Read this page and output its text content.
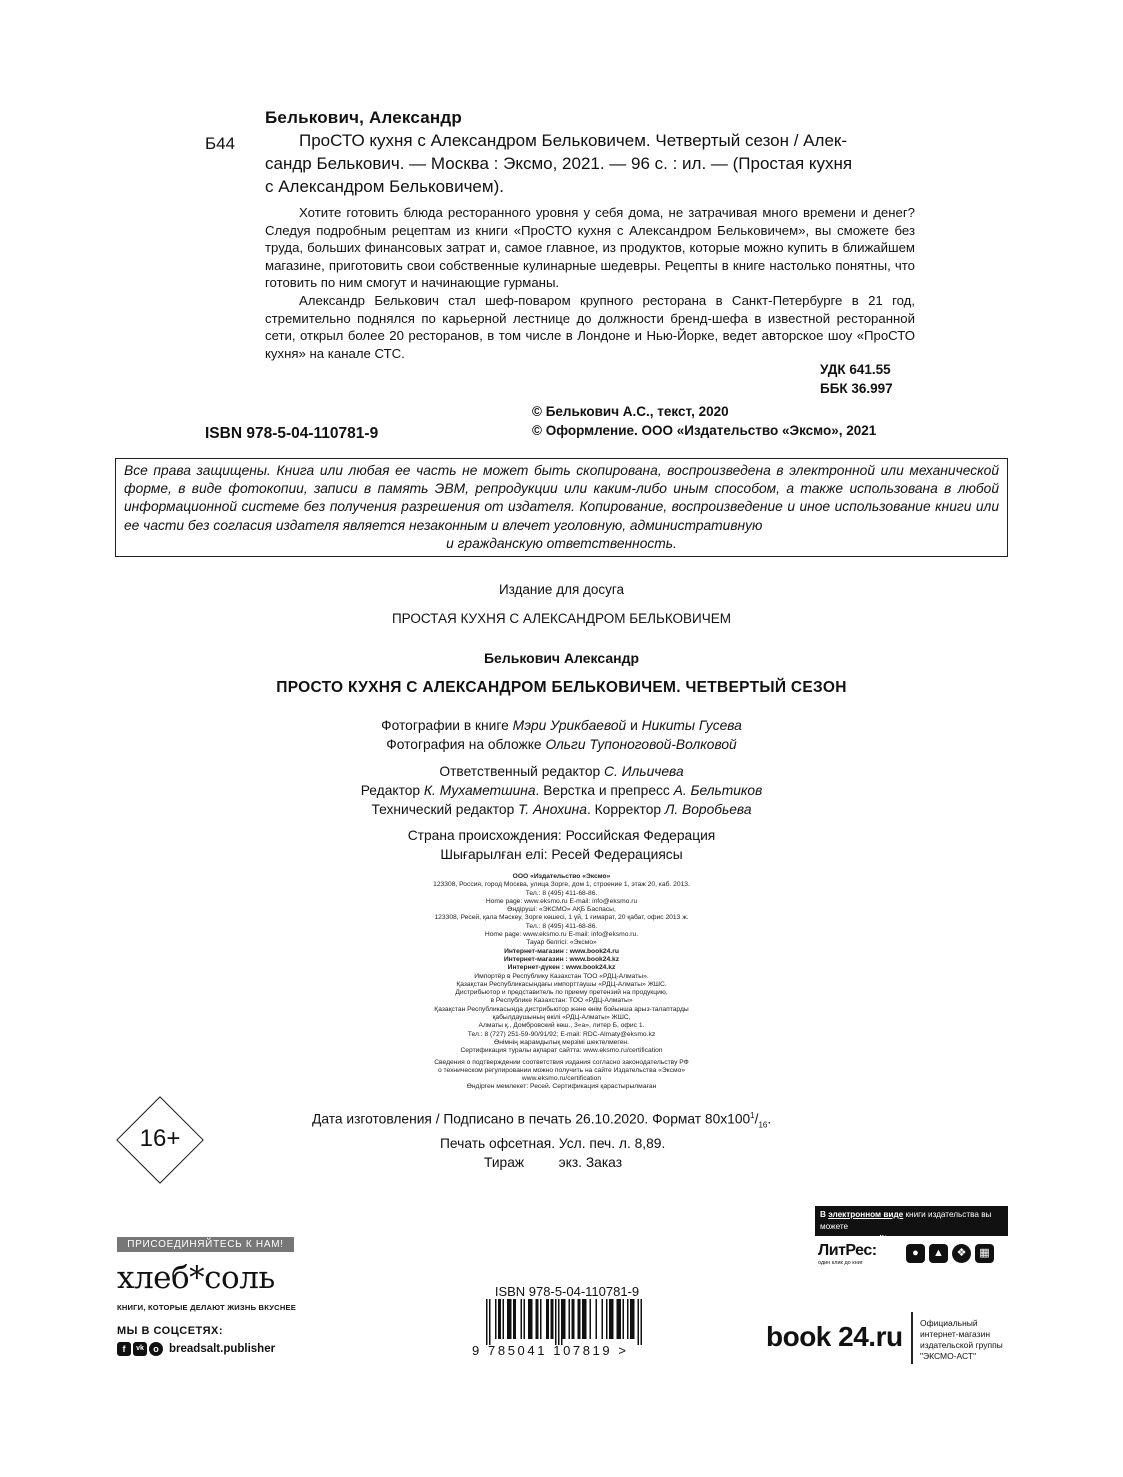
Белькович, Александр
Б44	ПроСТО кухня с Александром Бельковичем. Четвертый сезон / Алек-
сандр Белькович. — Москва : Эксмо, 2021. — 96 с. : ил. — (Простая кухня
с Александром Бельковичем).

Хотите готовить блюда ресторанного уровня у себя дома, не затрачивая много времени и денег? Следуя подробным рецептам из книги «ПроСТО кухня с Александром Бельковичем», вы сможете без труда, больших финансовых затрат и, самое главное, из продуктов, которые можно купить в ближайшем магазине, приготовить свои собственные кулинарные шедевры. Рецепты в книге настолько понятны, что готовить по ним смогут и начинающие гурманы.

Александр Белькович стал шеф-поваром крупного ресторана в Санкт-Петербурге в 21 год, стремительно поднялся по карьерной лестнице до должности бренд-шефа в известной ресторанной сети, открыл более 20 ресторанов, в том числе в Лондоне и Нью-Йорке, ведет авторское шоу «ПроСТО кухня» на канале СТС.

УДК 641.55
ББК 36.997
© Белькович А.С., текст, 2020
© Оформление. ООО «Издательство «Эксмо», 2021
ISBN 978-5-04-110781-9
Все права защищены. Книга или любая ее часть не может быть скопирована, воспроизведена в электронной или механической форме, в виде фотокопии, записи в память ЭВМ, репродукции или каким-либо иным способом, а также использована в любой информационной системе без получения разрешения от издателя. Копирование, воспроизведение и иное использование книги или ее части без согласия издателя является незаконным и влечет уголовную, административную
и гражданскую ответственность.
Издание для досуга
ПРОСТАЯ КУХНЯ С АЛЕКСАНДРОМ БЕЛЬКОВИЧЕМ
Белькович Александр
ПРОСТО КУХНЯ С АЛЕКСАНДРОМ БЕЛЬКОВИЧЕМ. ЧЕТВЕРТЫЙ СЕЗОН
Фотографии в книге Мэри Урикбаевой и Никиты Гусева
Фотография на обложке Ольги Тупоноговой-Волковой
Ответственный редактор С. Ильичева
Редактор К. Мухаметшина. Верстка и препресс А. Бельтиков
Технический редактор Т. Анохина. Корректор Л. Воробьева
Страна происхождения: Российская Федерация
Шығарылған елі: Ресей Федерациясы
ООО «Издательство «Эксмо»
123308, Россия, город Москва, улица Зорге, дом 1, строение 1, этаж 20, каб. 2013.
Тел.: 8 (495) 411-68-86.
Home page: www.eksmo.ru E-mail: info@eksmo.ru
Өндіруші: «ЭКСМО» АҚБ Баспасы,
123308, Ресей, қала Мәскеу, Зорге көшесі, 1 үй, 1 ғимарат, 20 қабат, офис 2013 ж.
Тел.: 8 (495) 411-68-86.
Home page: www.eksmo.ru E-mail: info@eksmo.ru.
Тауар белгісі: «Эксмо»
Интернет-магазин : www.book24.ru
Интернет-магазин : www.book24.kz
Интернет-дүкен : www.book24.kz
Импортёр в Республику Казахстан ТОО «РДЦ-Алматы».
Қазақстан Республикасындағы импорттаушы «РДЦ-Алматы» ЖШС.
Дистрибьютор и представитель по приему претензий на продукцию,
в Республике Казахстан: ТОО «РДЦ-Алматы»
Қазақстан Республикасында дистрибьютор және өнім бойынша арыз-талаптарды
қабылдаушының өкілі «РДЦ-Алматы» ЖШС,
Алматы қ., Домбровский көш., 3«а», литер Б, офис 1.
Тел.: 8 (727) 251-59-90/91/92; E-mail: RDC-Almaty@eksmo.kz
Өнімнің жарамдылық мерзімі шектелмеген.
Сертификация туралы ақпарат сайтта: www.eksmo.ru/certification
Сведения о подтверждении соответствия издания согласно законодательству РФ
о техническом регулировании можно получить на сайте Издательства «Эксмо»
www.eksmo.ru/certification
Өндірген мемлекет: Ресей. Сертификация қарастырылмаған
16+
Дата изготовления / Подписано в печать 26.10.2020. Формат $80x100^1/_{16}$.
Печать офсетная. Усл. печ. л. 8,89.
Тираж         экз. Заказ
ПРИСОЕДИНЯЙТЕСЬ К НАМ!
хлеб*соль
КНИГИ, КОТОРЫЕ ДЕЛАЮТ ЖИЗНЬ ВКУСНЕЕ
МЫ В СОЦСЕТЯХ:
f	vk	o breadsalt.publisher
ISBN 978-5-04-110781-9
9 785041 107819 >
В электронном виде книги издательства вы можете
купить на www.litres.ru
ЛитРес:
один клик до книг
●	▲	❖	▦
book 24.ru Официальный
интернет-магазин
издательской группы
"ЭКСМО-АСТ"
